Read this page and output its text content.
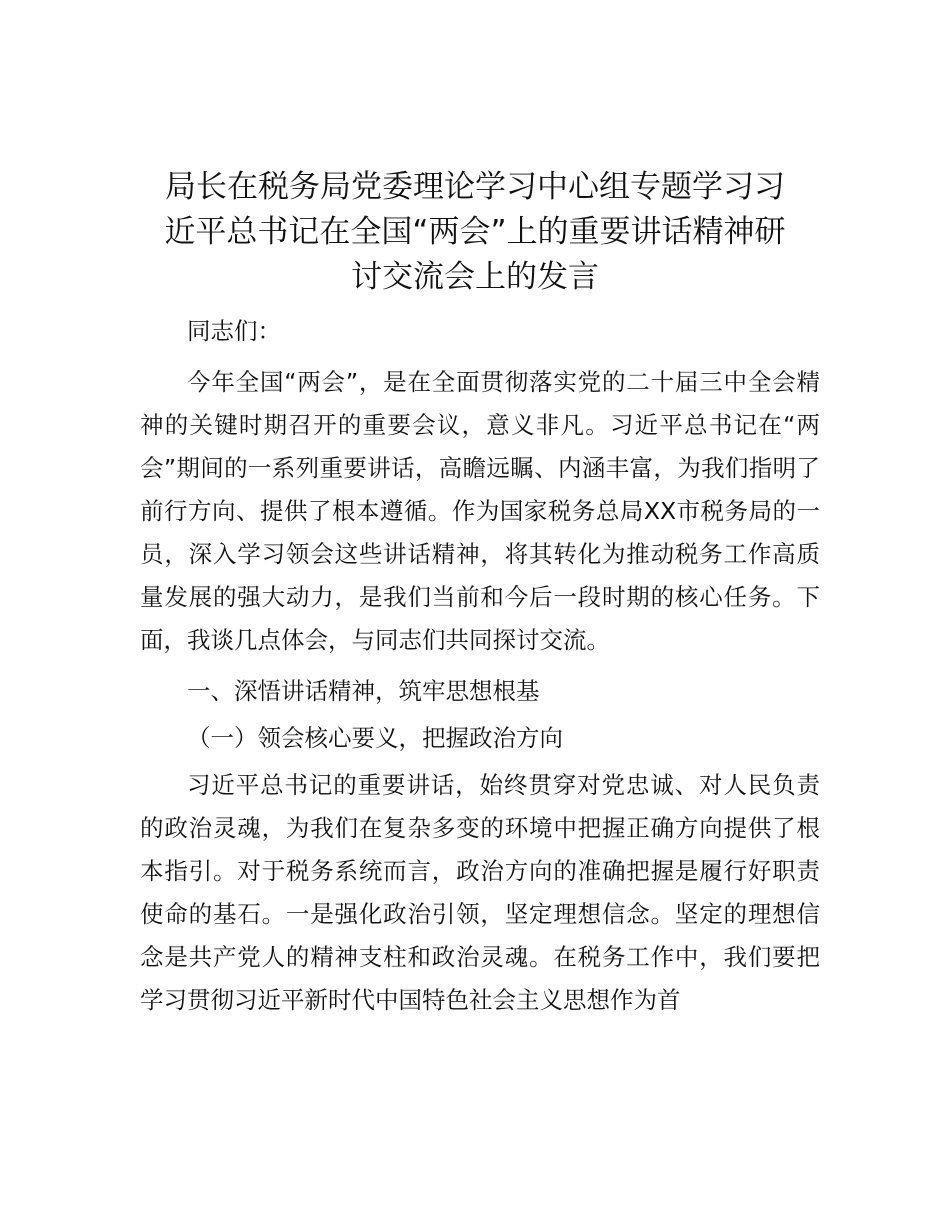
局长在税务局党委理论学习中心组专题学习习
近平总书记在全国“两会”上的重要讲话精神研
讨交流会上的发言

同志们：

今年全国“两会”，是在全面贯彻落实党的二十届三中全会精神的关键时期召开的重要会议，意义非凡。习近平总书记在“两会”期间的一系列重要讲话，高瞻远瞩、内涵丰富，为我们指明了前行方向、提供了根本遵循。作为国家税务总局XX市税务局的一员，深入学习领会这些讲话精神，将其转化为推动税务工作高质量发展的强大动力，是我们当前和今后一段时期的核心任务。下面，我谈几点体会，与同志们共同探讨交流。

一、深悟讲话精神，筑牢思想根基

（一）领会核心要义，把握政治方向

习近平总书记的重要讲话，始终贯穿对党忠诚、对人民负责的政治灵魂，为我们在复杂多变的环境中把握正确方向提供了根本指引。对于税务系统而言，政治方向的准确把握是履行好职责使命的基石。一是强化政治引领，坚定理想信念。坚定的理想信念是共产党人的精神支柱和政治灵魂。在税务工作中，我们要把学习贯彻习近平新时代中国特色社会主义思想作为首
